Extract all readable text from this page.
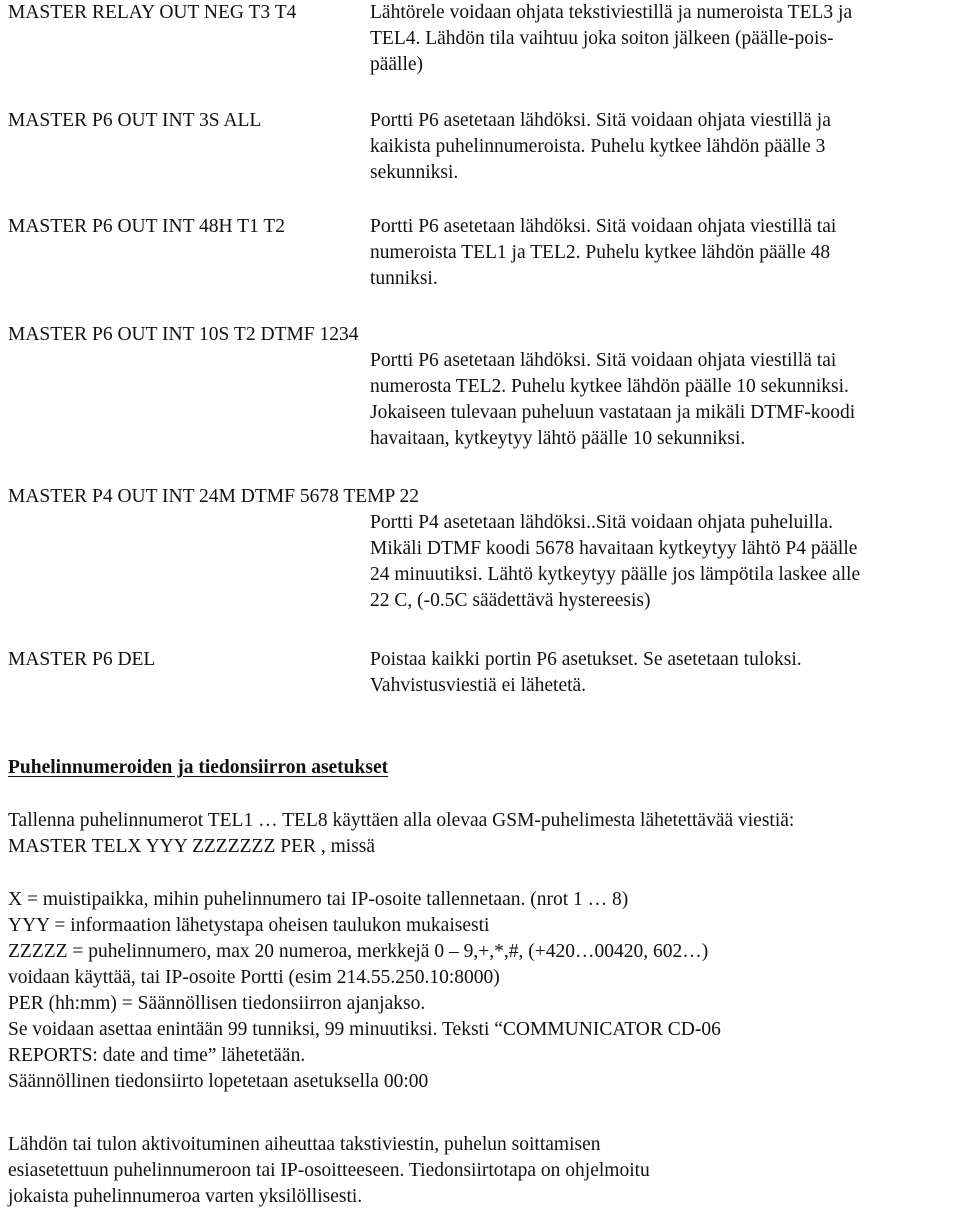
MASTER RELAY OUT NEG T3 T4	Lähtörele voidaan ohjata tekstiviestillä ja numeroista TEL3 ja
TEL4. Lähdön tila vaihtuu joka soiton jälkeen (päälle-pois-
päälle)
MASTER P6 OUT INT 3S ALL	Portti P6 asetetaan lähdöksi. Sitä voidaan ohjata viestillä ja
kaikista puhelinnumeroista. Puhelu kytkee lähdön päälle 3
sekunniksi.
MASTER P6 OUT INT 48H T1 T2	Portti P6 asetetaan lähdöksi. Sitä voidaan ohjata viestillä tai
numeroista TEL1 ja TEL2. Puhelu kytkee lähdön päälle 48
tunniksi.
MASTER P6 OUT INT 10S T2 DTMF 1234
Portti P6 asetetaan lähdöksi. Sitä voidaan ohjata viestillä tai
numerosta TEL2. Puhelu kytkee lähdön päälle 10 sekunniksi.
Jokaiseen tulevaan puheluun vastataan ja mikäli DTMF-koodi
havaitaan, kytkeytyy lähtö päälle 10 sekunniksi.
MASTER P4 OUT INT 24M DTMF 5678 TEMP 22
Portti P4 asetetaan lähdöksi..Sitä voidaan ohjata puheluilla.
Mikäli DTMF koodi 5678 havaitaan kytkeytyy lähtö P4 päälle
24 minuutiksi. Lähtö kytkeytyy päälle jos lämpötila laskee alle
22 C, (-0.5C säädettävä hystereesis)
MASTER P6 DEL	Poistaa kaikki portin P6 asetukset. Se asetetaan tuloksi.
Vahvistusviestiä ei lähetetä.
Puhelinnumeroiden ja tiedonsiirron asetukset
Tallenna puhelinnumerot TEL1 … TEL8 käyttäen alla olevaa GSM-puhelimesta lähetettävää viestiä:
MASTER TELX YYY ZZZZZZZ PER , missä
X = muistipaikka, mihin puhelinnumero tai IP-osoite tallennetaan. (nrot 1 … 8)
YYY = informaation lähetystapa oheisen taulukon mukaisesti
ZZZZZ = puhelinnumero, max 20 numeroa, merkkejä 0 – 9,+,*,#, (+420…00420, 602…)
voidaan käyttää, tai IP-osoite Portti (esim 214.55.250.10:8000)
PER (hh:mm) = Säännöllisen tiedonsiirron ajanjakso.
Se voidaan asettaa enintään 99 tunniksi, 99 minuutiksi. Teksti “COMMUNICATOR CD-06
REPORTS: date and time” lähetetään.
Säännöllinen tiedonsiirto lopetetaan asetuksella 00:00
Lähdön tai tulon aktivoituminen aiheuttaa takstiviestin, puhelun soittamisen
esiasetettuun puhelinnumeroon tai IP-osoitteeseen. Tiedonsiirtotapa on ohjelmoitu
jokaista puhelinnumeroa varten yksilöllisesti.
